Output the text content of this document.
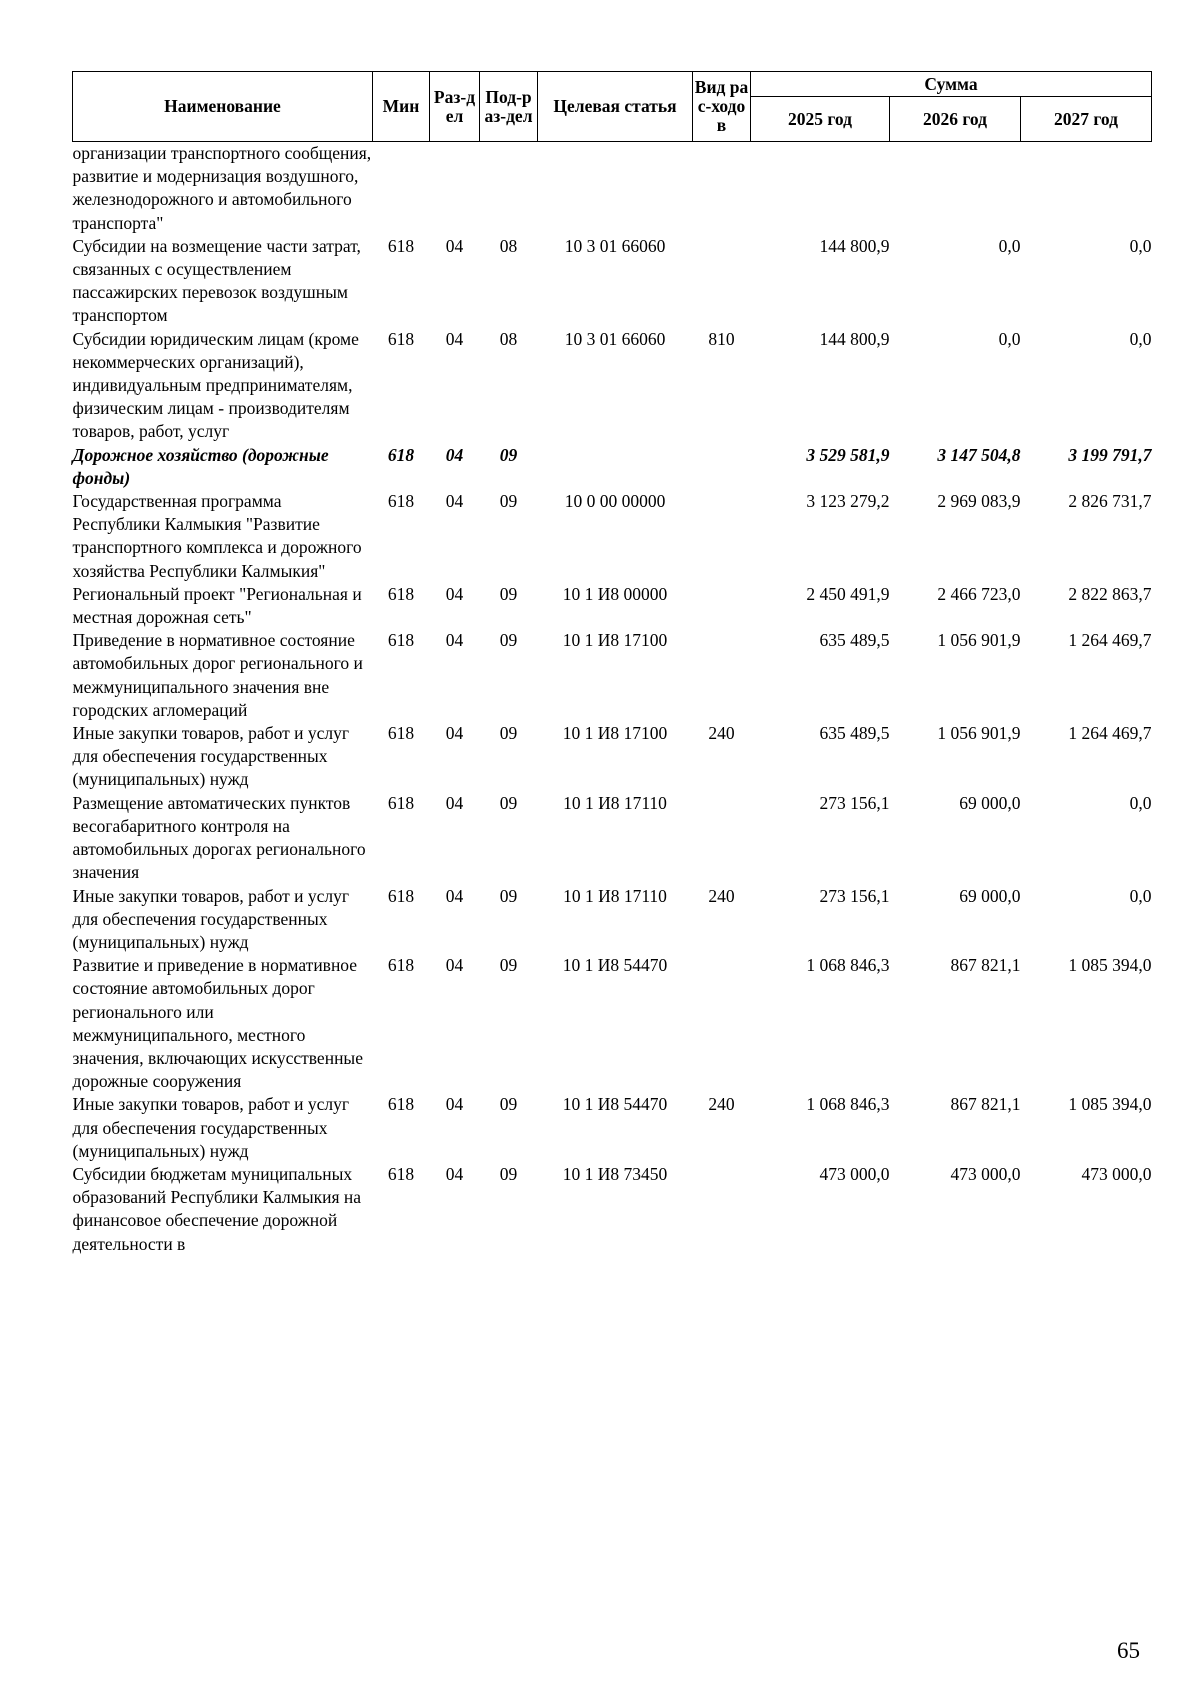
Наименование	Мин	Раз-дел	Под-раз-дел	Целевая статья	Вид рас-ходов	Сумма		
						2025 год	2026 год	2027 год
организации транспортного сообщения, развитие и модернизация воздушного, железнодорожного и автомобильного транспорта"								
Субсидии на возмещение части затрат, связанных с осуществлением пассажирских перевозок воздушным транспортом	618	04	08	10 3 01 66060		144 800,9	0,0	0,0
Субсидии юридическим лицам (кроме некоммерческих организаций), индивидуальным предпринимателям, физическим лицам - производителям товаров, работ, услуг	618	04	08	10 3 01 66060	810	144 800,9	0,0	0,0
Дорожное хозяйство (дорожные фонды)	618	04	09			3 529 581,9	3 147 504,8	3 199 791,7
Государственная программа Республики Калмыкия "Развитие транспортного комплекса и дорожного хозяйства Республики Калмыкия"	618	04	09	10 0 00 00000		3 123 279,2	2 969 083,9	2 826 731,7
Региональный проект "Региональная и местная дорожная сеть"	618	04	09	10 1 И8 00000		2 450 491,9	2 466 723,0	2 822 863,7
Приведение в нормативное состояние автомобильных дорог регионального и межмуниципального значения вне городских агломераций	618	04	09	10 1 И8 17100		635 489,5	1 056 901,9	1 264 469,7
Иные закупки товаров, работ и услуг для обеспечения государственных (муниципальных) нужд	618	04	09	10 1 И8 17100	240	635 489,5	1 056 901,9	1 264 469,7
Размещение автоматических пунктов весогабаритного контроля на автомобильных дорогах регионального значения	618	04	09	10 1 И8 17110		273 156,1	69 000,0	0,0
Иные закупки товаров, работ и услуг для обеспечения государственных (муниципальных) нужд	618	04	09	10 1 И8 17110	240	273 156,1	69 000,0	0,0
Развитие и приведение в нормативное состояние автомобильных дорог регионального или межмуниципального, местного значения, включающих искусственные дорожные сооружения	618	04	09	10 1 И8 54470		1 068 846,3	867 821,1	1 085 394,0
Иные закупки товаров, работ и услуг для обеспечения государственных (муниципальных) нужд	618	04	09	10 1 И8 54470	240	1 068 846,3	867 821,1	1 085 394,0
Субсидии бюджетам муниципальных образований Республики Калмыкия на финансовое обеспечение дорожной деятельности в	618	04	09	10 1 И8 73450		473 000,0	473 000,0	473 000,0
65
